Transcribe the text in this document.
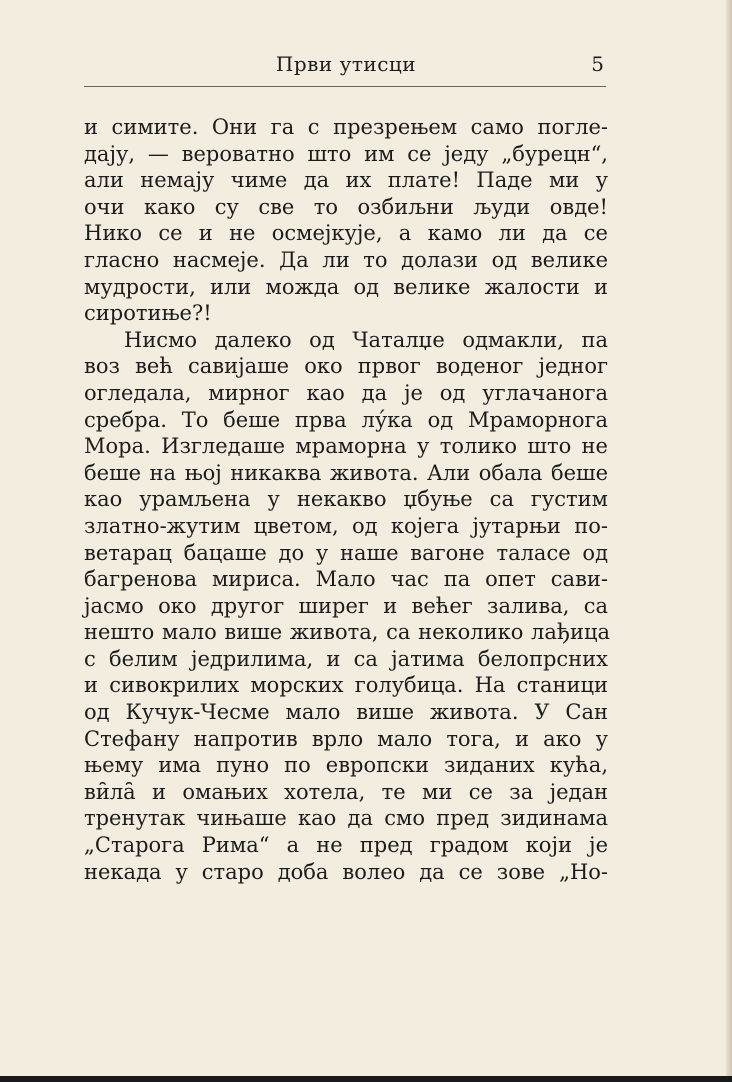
Први утисци	5
и симите. Они га с презрењем само погле-
дају, — вероватно што им се једу „бурецн“,
али немају чиме да их плате! Паде ми у
очи како су све то озбиљни људи овде!
Нико се и не осмејкује, а камо ли да се
гласно насмеје. Да ли то долази од велике
мудрости, или можда од велике жалости и
сиротиње?!
Нисмо далеко од Чаталџе одмакли, па
воз већ савијаше око првог воденог једног
огледала, мирног као да је од углачанога
сребра. То беше прва лу́ка од Мраморнога
Мора. Изгледаше мраморна у толико што не
беше на њој никаква живота. Али обала беше
као урамљена у некакво џбуње са густим
златно-жутим цветом, од којега јутарњи по-
ветарац бацаше до у наше вагоне таласе од
багренова мириса. Мало час па опет сави-
јасмо око другог ширег и већег залива, са
нешто мало више живота, са неколико лађица
с белим једрилима, и са јатима белопрсних
и сивокрилих морских голубица. На станици
од Кучук-Чесме мало више живота. У Сан
Стефану напротив врло мало тога, и ако у
њему има пуно по европски зиданих кућа,
ви̑ла̑ и омањих хотела, те ми се за један
тренутак чињаше као да смо пред зидинама
„Старога Рима“ а не пред градом који је
некада у старо доба волео да се зове „Но-
